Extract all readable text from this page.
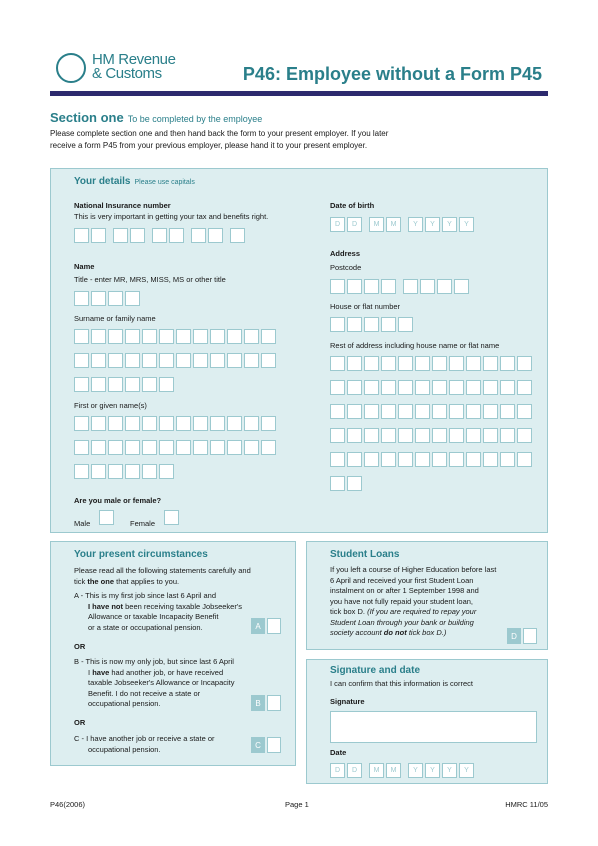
HM Revenue
& Customs	P46: Employee without a Form P45
Section one To be completed by the employee
Please complete section one and then hand back the form to your present employer. If you later receive a form P45 from your previous employer, please hand it to your present employer.
Your details Please use capitals
National Insurance number
This is very important in getting your tax and benefits right.
Name
Title - enter MR, MRS, MISS, MS or other title
Surname or family name
First or given name(s)
Are you male or female?
Male	Female
Date of birth
D	D	M	M	Y	Y	Y	Y
Address
Postcode
House or flat number
Rest of address including house name or flat name
Your present circumstances
Please read all the following statements carefully and
tick the one that applies to you.
A - This is my first job since last 6 April and
I have not been receiving taxable Jobseeker's
Allowance or taxable Incapacity Benefit
or a state or occupational pension.	A
OR
B - This is now my only job, but since last 6 April
I have had another job, or have received
taxable Jobseeker's Allowance or Incapacity
Benefit. I do not receive a state or
occupational pension.	B
OR
C - I have another job or receive a state or
occupational pension.	C
Student Loans
If you left a course of Higher Education before last
6 April and received your first Student Loan
instalment on or after 1 September 1998 and
you have not fully repaid your student loan,
tick box D. (If you are required to repay your
Student Loan through your bank or building
society account do not tick box D.)	D
Signature and date
I can confirm that this information is correct
Signature
Date
D	D	M	M	Y	Y	Y	Y
P46(2006)	Page 1	HMRC 11/05
